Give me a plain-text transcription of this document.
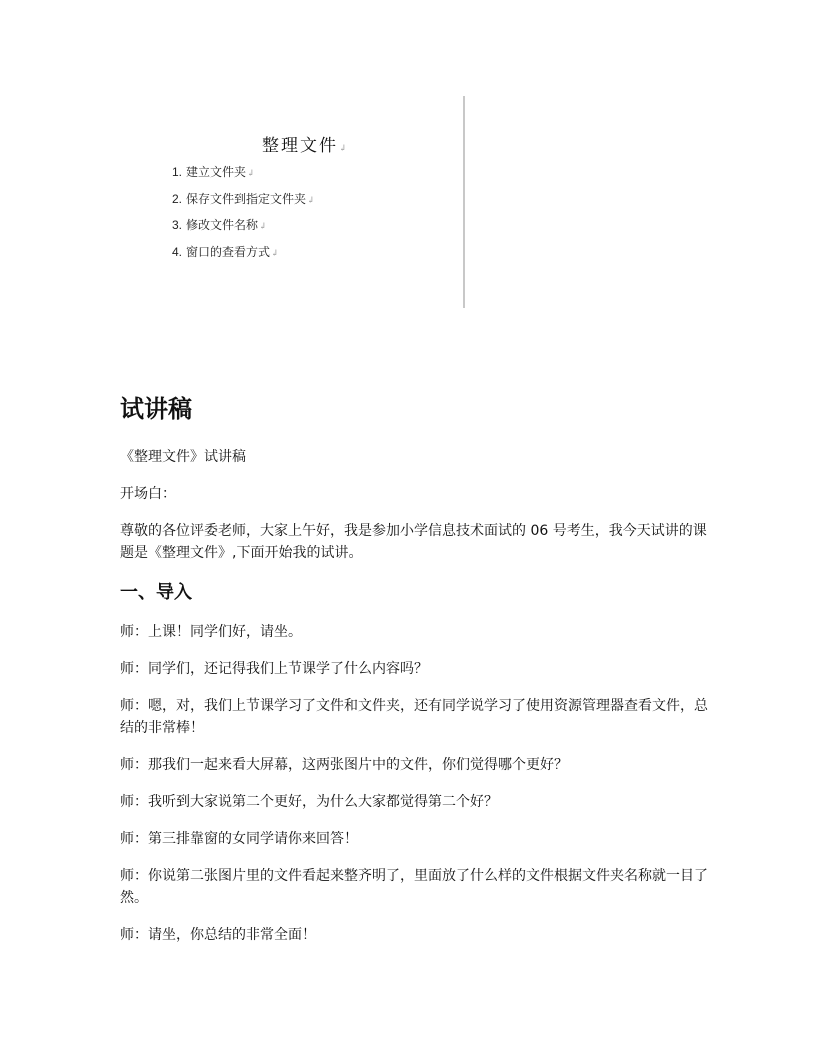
整理文件↲
1. 建立文件夹↲
2. 保存文件到指定文件夹↲
3. 修改文件名称↲
4. 窗口的查看方式↲
试讲稿

《整理文件》试讲稿

开场白：

尊敬的各位评委老师，大家上午好，我是参加小学信息技术面试的 06 号考生，我今天试讲的课题是《整理文件》,下面开始我的试讲。

一、导入

师：上课！同学们好，请坐。

师：同学们，还记得我们上节课学了什么内容吗？

师：嗯，对，我们上节课学习了文件和文件夹，还有同学说学习了使用资源管理器查看文件，总结的非常棒！

师：那我们一起来看大屏幕，这两张图片中的文件，你们觉得哪个更好？

师：我听到大家说第二个更好，为什么大家都觉得第二个好？

师：第三排靠窗的女同学请你来回答！

师：你说第二张图片里的文件看起来整齐明了，里面放了什么样的文件根据文件夹名称就一目了然。

师：请坐，你总结的非常全面！
